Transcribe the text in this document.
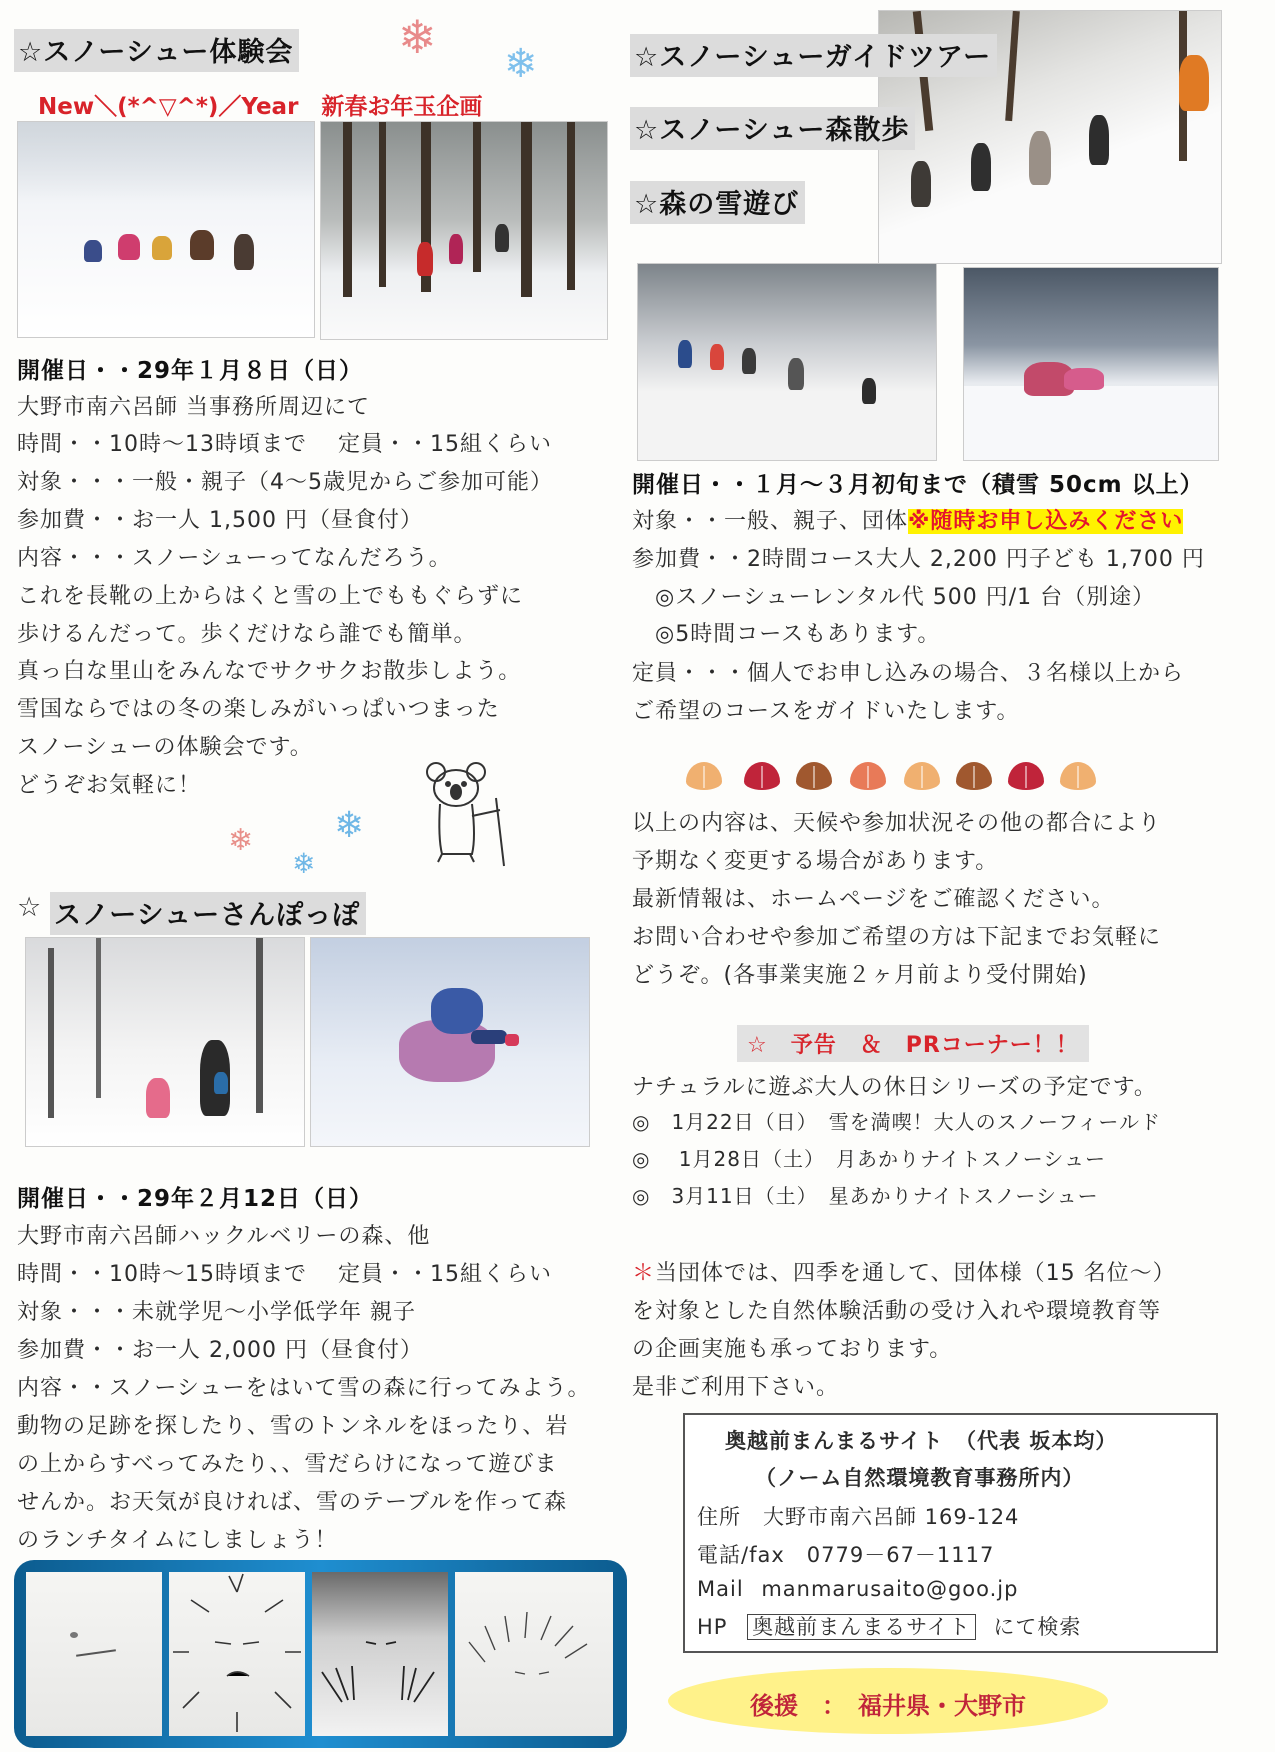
☆スノーシュー体験会 ❄ ❄
New＼(*^▽^*)／Year　新春お年玉企画
開催日・・29年１月８日（日）
大野市南六呂師 当事務所周辺にて
時間・・10時～13時頃まで　 定員・・15組くらい
対象・・・一般・親子（4～5歳児からご参加可能）
参加費・・お一人 1,500 円（昼食付）
内容・・・スノーシューってなんだろう。
これを長靴の上からはくと雪の上でももぐらずに
歩けるんだって。歩くだけなら誰でも簡単。
真っ白な里山をみんなでサクサクお散歩しよう。
雪国ならではの冬の楽しみがいっぱいつまった
スノーシューの体験会です。
どうぞお気軽に！
❄ ❄
❄
☆ スノーシューさんぽっぽ
開催日・・29年２月12日（日）
大野市南六呂師ハックルベリーの森、他
時間・・10時～15時頃まで　 定員・・15組くらい
対象・・・未就学児～小学低学年 親子
参加費・・お一人 2,000 円（昼食付）
内容・・スノーシューをはいて雪の森に行ってみよう。
動物の足跡を探したり、雪のトンネルをほったり、岩
の上からすべってみたり、、雪だらけになって遊びま
せんか。お天気が良ければ、雪のテーブルを作って森
のランチタイムにしましょう！
☆スノーシューガイドツアー
☆スノーシュー森散歩
☆森の雪遊び
開催日・・１月～３月初旬まで（積雪 50cm 以上）
対象・・一般、親子、団体※随時お申し込みください
参加費・・2時間コース大人 2,200 円子ども 1,700 円
　◎スノーシューレンタル代 500 円/1 台（別途）
　◎5時間コースもあります。
定員・・・個人でお申し込みの場合、３名様以上から
ご希望のコースをガイドいたします。
以上の内容は、天候や参加状況その他の都合により
予期なく変更する場合があります。
最新情報は、ホームページをご確認ください。
お問い合わせや参加ご希望の方は下記までお気軽に
どうぞ。(各事業実施２ヶ月前より受付開始)
☆　予告　＆　PRコーナー！！
ナチュラルに遊ぶ大人の休日シリーズの予定です。
◎　1月22日（日）　雪を満喫！大人のスノーフィールド
◎　 1月28日（土）　月あかりナイトスノーシュー
◎　3月11日（土）　星あかりナイトスノーシュー
＊当団体では、四季を通して、団体様（15 名位～）
を対象とした自然体験活動の受け入れや環境教育等
の企画実施も承っております。
是非ご利用下さい。
奥越前まんまるサイト　（代表 坂本均）
（ノーム自然環境教育事務所内）
住所　大野市南六呂師 169-124
電話/fax　0779－67－1117
Mail manmarusaito@goo.jp
HP 奥越前まんまるサイト にて検索
後援　：　福井県・大野市
